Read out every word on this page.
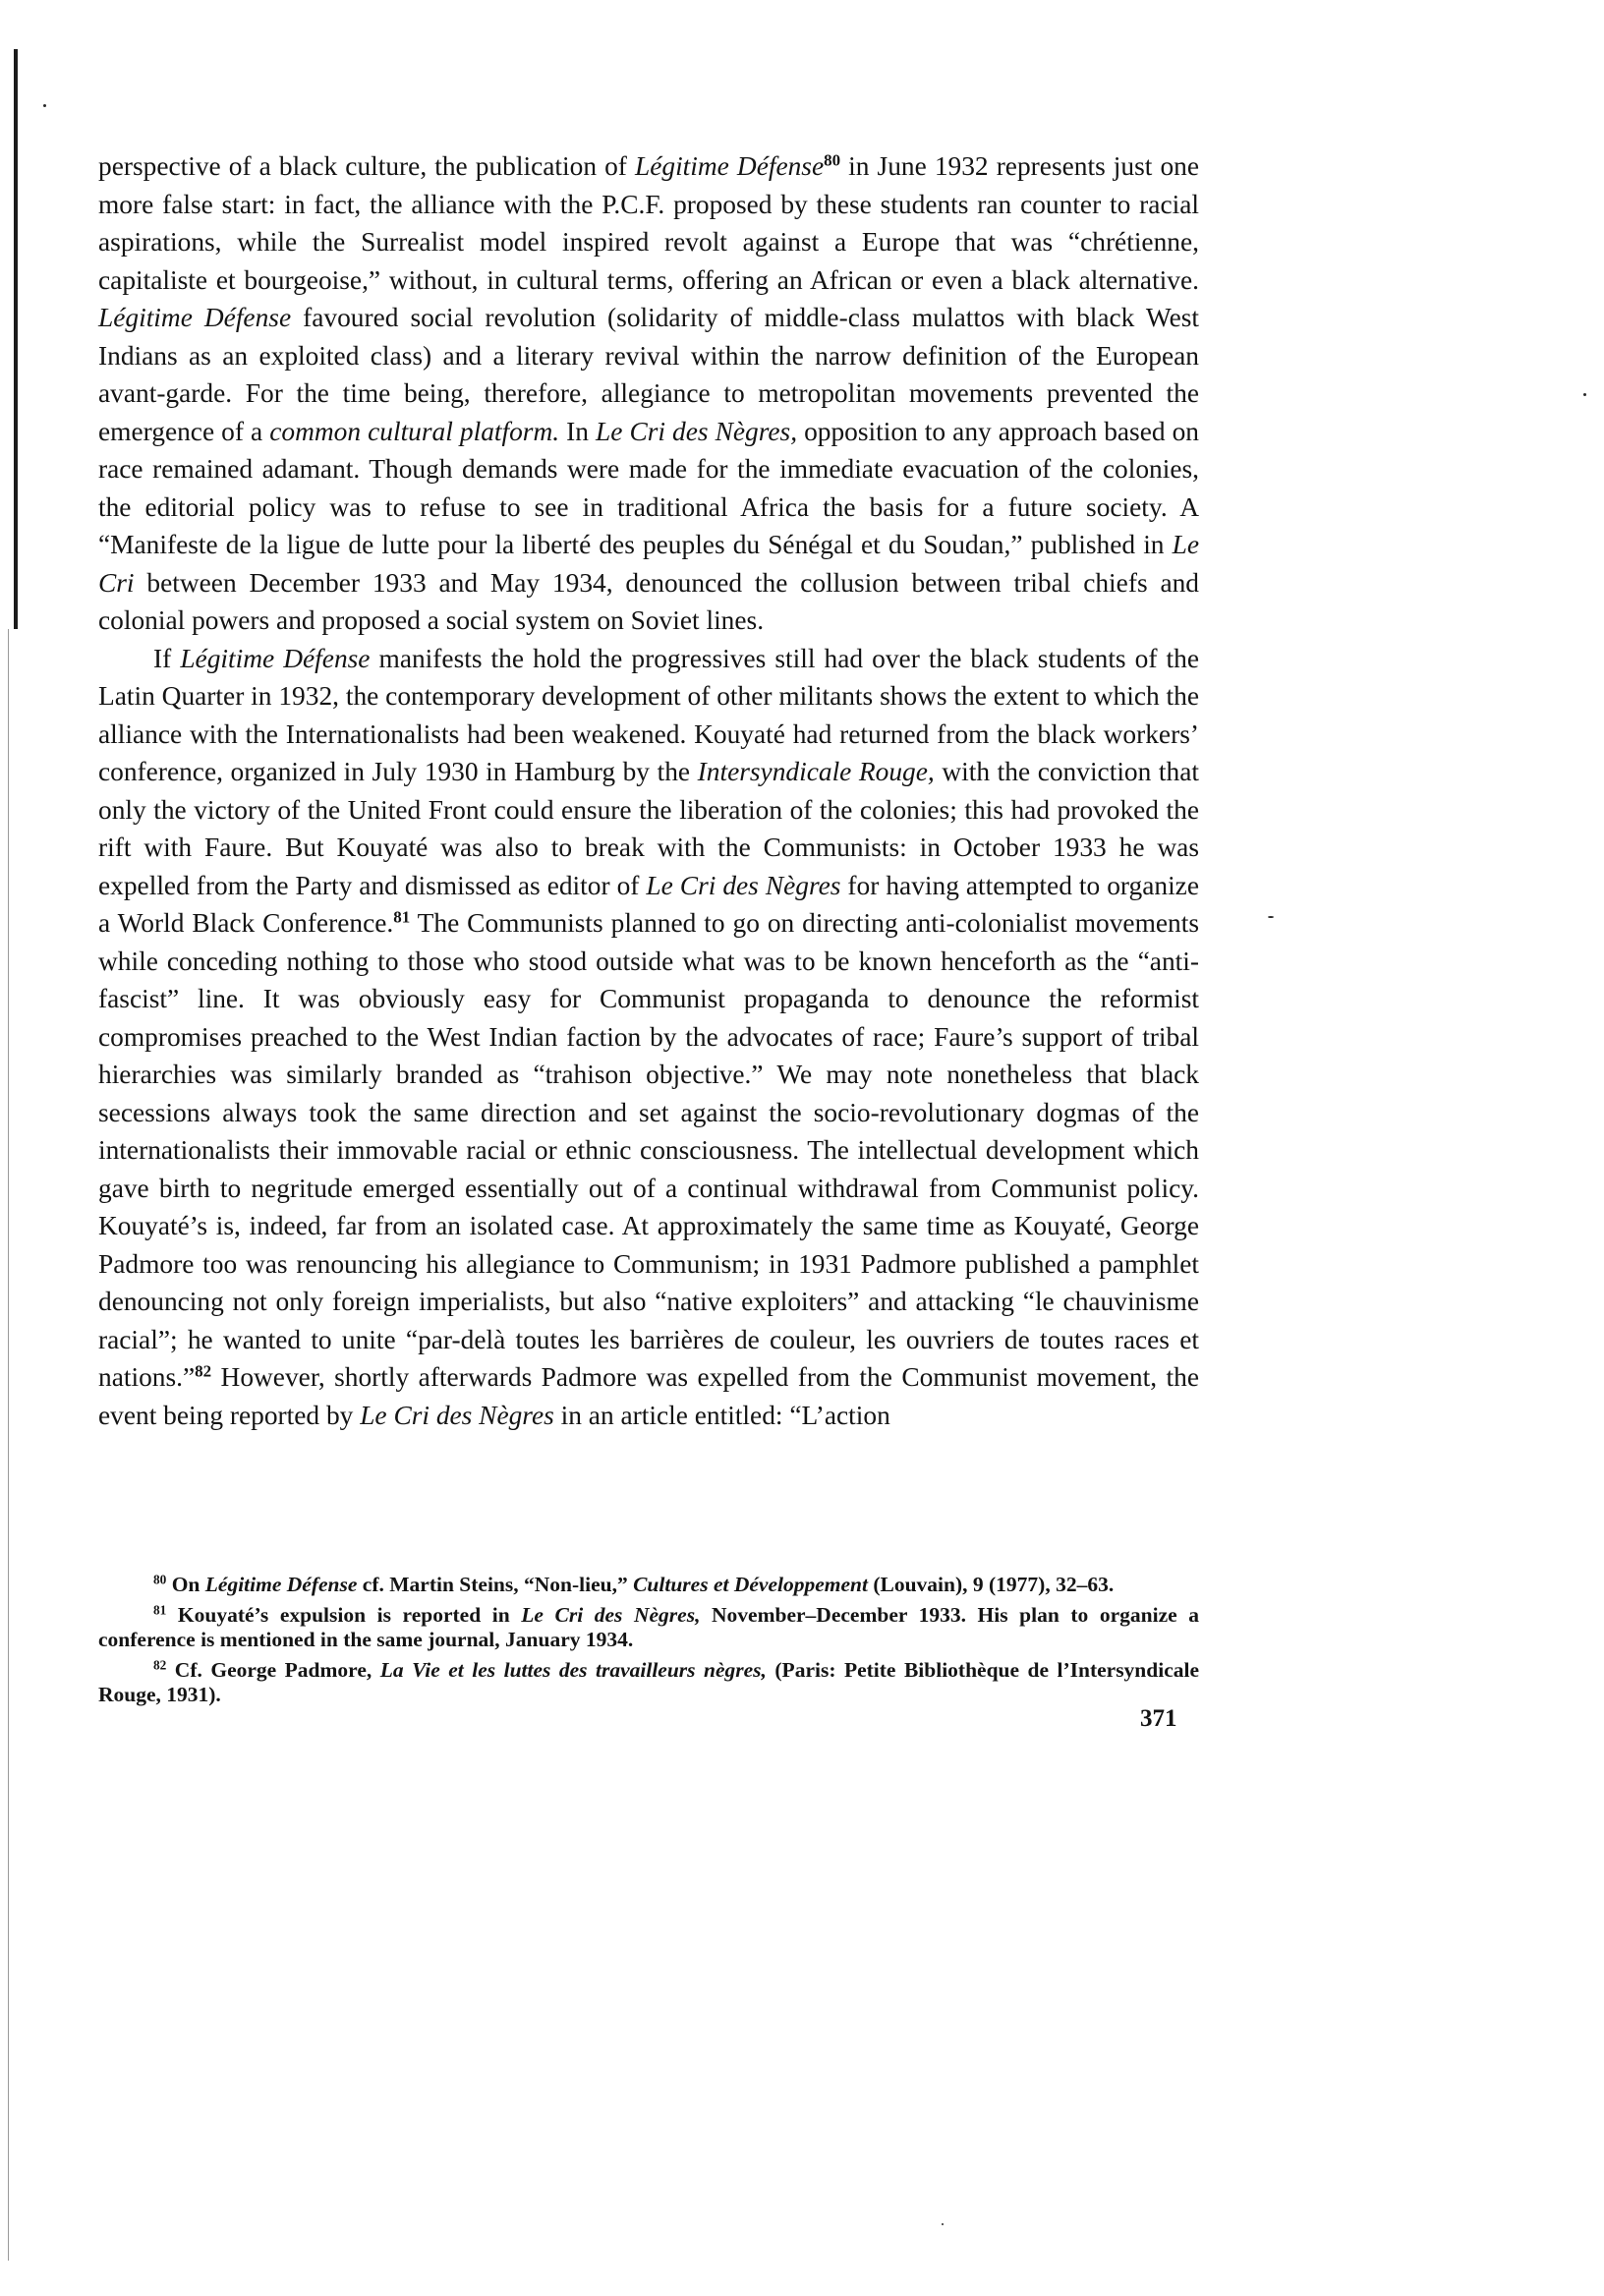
perspective of a black culture, the publication of Légitime Défense$^{80}$ in June 1932 represents just one more false start: in fact, the alliance with the P.C.F. proposed by these students ran counter to racial aspirations, while the Surrealist model inspired revolt against a Europe that was “chrétienne, capitaliste et bourgeoise,” without, in cultural terms, offering an African or even a black alternative. Légitime Défense favoured social revolution (solidarity of middle-class mulattos with black West Indians as an exploited class) and a literary revival within the narrow definition of the European avant-garde. For the time being, therefore, allegiance to metropolitan movements prevented the emergence of a common cultural platform. In Le Cri des Nègres, opposition to any approach based on race remained adamant. Though demands were made for the immediate evacuation of the colonies, the editorial policy was to refuse to see in traditional Africa the basis for a future society. A “Manifeste de la ligue de lutte pour la liberté des peuples du Sénégal et du Soudan,” published in Le Cri between December 1933 and May 1934, denounced the collusion between tribal chiefs and colonial powers and proposed a social system on Soviet lines.

If Légitime Défense manifests the hold the progressives still had over the black students of the Latin Quarter in 1932, the contemporary development of other militants shows the extent to which the alliance with the Internationalists had been weakened. Kouyaté had returned from the black workers’ conference, organized in July 1930 in Hamburg by the Intersyndicale Rouge, with the conviction that only the victory of the United Front could ensure the liberation of the colonies; this had provoked the rift with Faure. But Kouyaté was also to break with the Communists: in October 1933 he was expelled from the Party and dismissed as editor of Le Cri des Nègres for having attempted to organize a World Black Conference.$^{81}$ The Communists planned to go on directing anti-colonialist movements while conceding nothing to those who stood outside what was to be known henceforth as the “anti-fascist” line. It was obviously easy for Communist propaganda to denounce the reformist compromises preached to the West Indian faction by the advocates of race; Faure’s support of tribal hierarchies was similarly branded as “trahison objective.” We may note nonetheless that black secessions always took the same direction and set against the socio-revolutionary dogmas of the internationalists their immovable racial or ethnic consciousness. The intellectual development which gave birth to negritude emerged essentially out of a continual withdrawal from Communist policy. Kouyaté’s is, indeed, far from an isolated case. At approximately the same time as Kouyaté, George Padmore too was renouncing his allegiance to Communism; in 1931 Padmore published a pamphlet denouncing not only foreign imperialists, but also “native exploiters” and attacking “le chauvinisme racial”; he wanted to unite “par-delà toutes les barrières de couleur, les ouvriers de toutes races et nations.”$^{82}$ However, shortly afterwards Padmore was expelled from the Communist movement, the event being reported by Le Cri des Nègres in an article entitled: “L’action

$^{80}$ On Légitime Défense cf. Martin Steins, “Non-lieu,” Cultures et Développement (Louvain), 9 (1977), 32–63.

$^{81}$ Kouyaté’s expulsion is reported in Le Cri des Nègres, November–December 1933. His plan to organize a conference is mentioned in the same journal, January 1934.

$^{82}$ Cf. George Padmore, La Vie et les luttes des travailleurs nègres, (Paris: Petite Bibliothèque de l’Intersyndicale Rouge, 1931).

371
